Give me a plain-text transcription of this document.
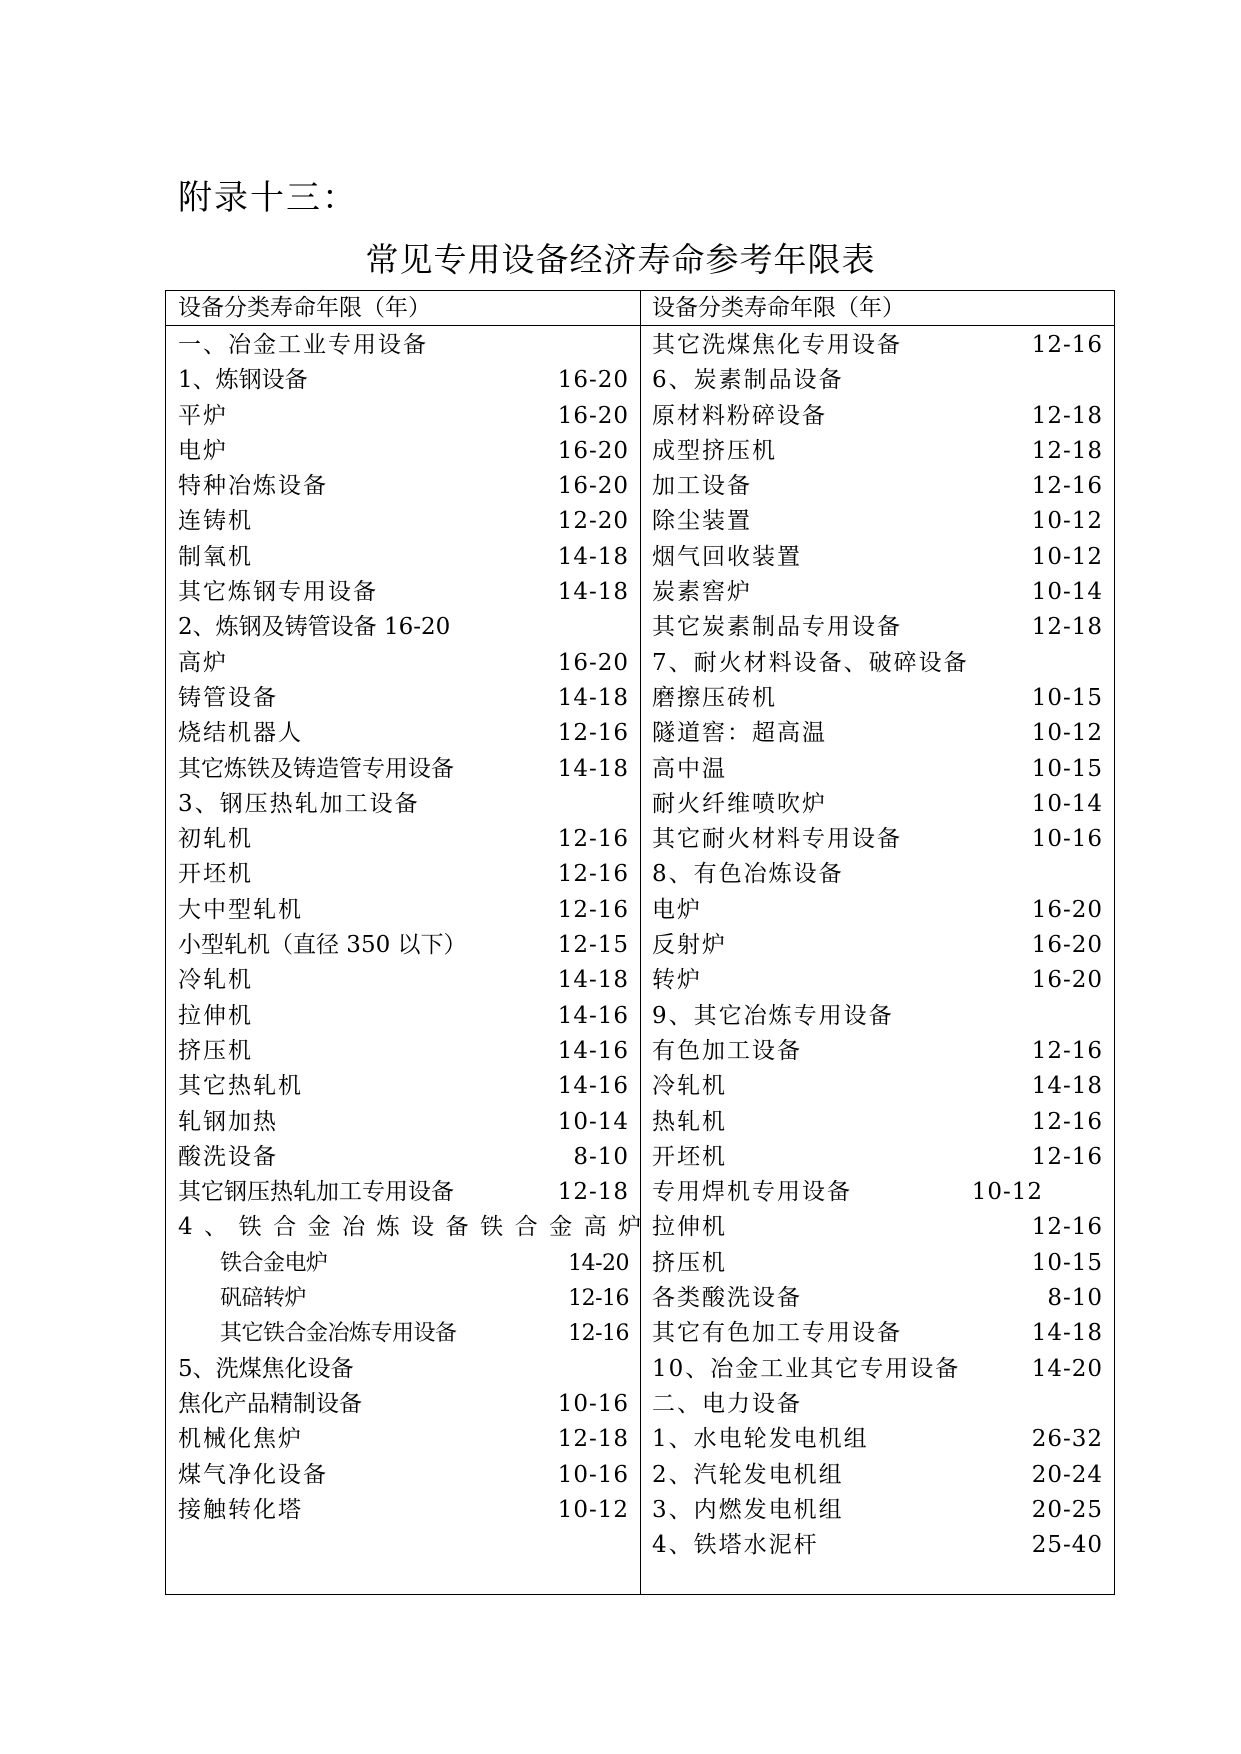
附录十三：
常见专用设备经济寿命参考年限表
设备分类寿命年限（年）	设备分类寿命年限（年）
一、冶金工业专用设备
1、炼钢设备	16-20
平炉	16-20
电炉	16-20
特种冶炼设备	16-20
连铸机	12-20
制氧机	14-18
其它炼钢专用设备	14-18
2、炼钢及铸管设备 16-20
高炉	16-20
铸管设备	14-18
烧结机器人	12-16
其它炼铁及铸造管专用设备	14-18
3、钢压热轧加工设备
初轧机	12-16
开坯机	12-16
大中型轧机	12-16
小型轧机（直径 350 以下）	12-15
冷轧机	14-18
拉伸机	14-16
挤压机	14-16
其它热轧机	14-16
轧钢加热	10-14
酸洗设备	8-10
其它钢压热轧加工专用设备	12-18
4、铁合金冶炼设备铁合金高炉
铁合金电炉	14-20
矾碚转炉	12-16
其它铁合金冶炼专用设备	12-16
5、洗煤焦化设备
焦化产品精制设备	10-16
机械化焦炉	12-18
煤气净化设备	10-16
接触转化塔	10-12
其它洗煤焦化专用设备	12-16
6、炭素制品设备
原材料粉碎设备	12-18
成型挤压机	12-18
加工设备	12-16
除尘装置	10-12
烟气回收装置	10-12
炭素窖炉	10-14
其它炭素制品专用设备	12-18
7、耐火材料设备、破碎设备
磨擦压砖机	10-15
隧道窖：超高温	10-12
高中温	10-15
耐火纤维喷吹炉	10-14
其它耐火材料专用设备	10-16
8、有色冶炼设备
电炉	16-20
反射炉	16-20
转炉	16-20
9、其它冶炼专用设备
有色加工设备	12-16
冷轧机	14-18
热轧机	12-16
开坯机	12-16
专用焊机专用设备	10-12
拉伸机	12-16
挤压机	10-15
各类酸洗设备	8-10
其它有色加工专用设备	14-18
10、冶金工业其它专用设备	14-20
二、电力设备
1、水电轮发电机组	26-32
2、汽轮发电机组	20-24
3、内燃发电机组	20-25
4、铁塔水泥杆	25-40
